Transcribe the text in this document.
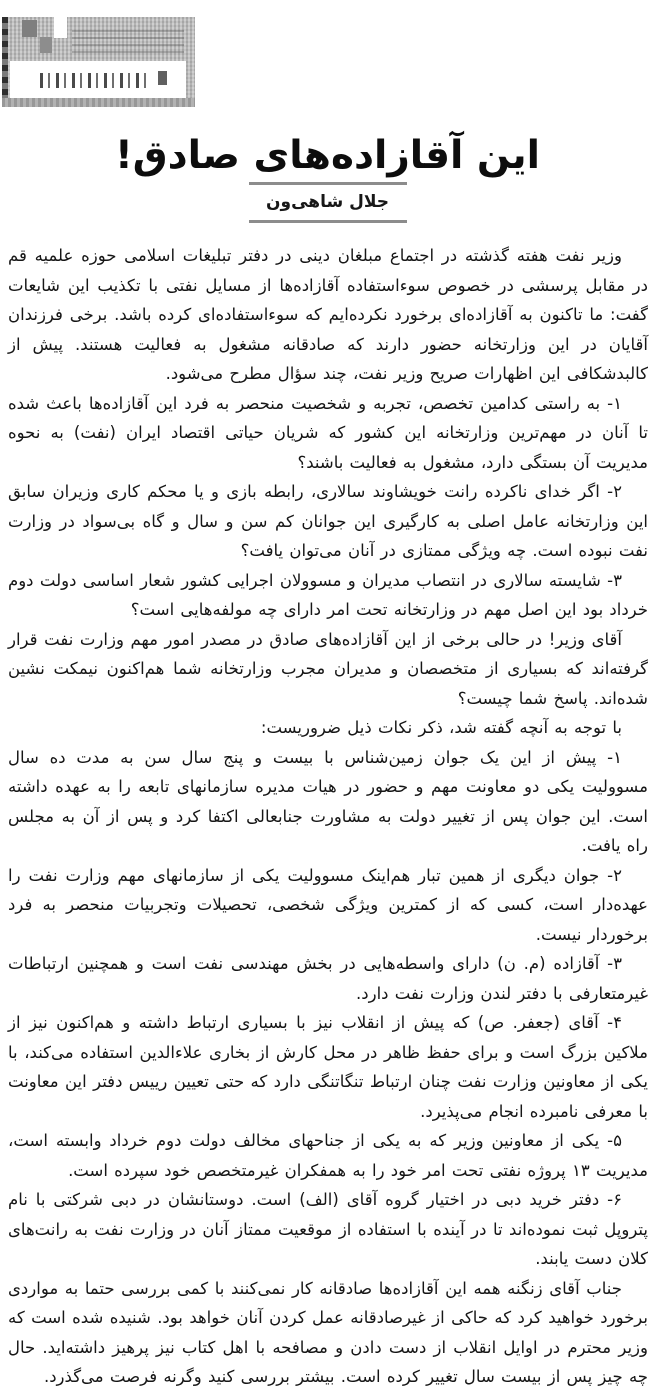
این آقازاده‌های صادق!
جلال شاهی‌ون

وزیر نفت هفته گذشته در اجتماع مبلغان دینی در دفتر تبلیغات اسلامی حوزه علمیه قم در مقابل پرسشی در خصوص سوءاستفاده آقازاده‌ها از مسایل نفتی با تکذیب این شایعات گفت: ما تاکنون به آقازاده‌ای برخورد نکرده‌ایم که سوءاستفاده‌ای کرده باشد. برخی فرزندان آقایان در این وزارتخانه حضور دارند که صادقانه مشغول به فعالیت هستند. پیش از کالبدشکافی این اظهارات صریح وزیر نفت، چند سؤال مطرح می‌شود.

۱- به راستی کدامین تخصص، تجربه و شخصیت منحصر به فرد این آقازاده‌ها باعث شده تا آنان در مهم‌ترین وزارتخانه این کشور که شریان حیاتی اقتصاد ایران (نفت) به نحوه مدیریت آن بستگی دارد، مشغول به فعالیت باشند؟

۲- اگر خدای ناکرده رانت خویشاوند سالاری، رابطه بازی و یا محکم کاری وزیران سابق این وزارتخانه عامل اصلی به کارگیری این جوانان کم سن و سال و گاه بی‌سواد در وزارت نفت نبوده است. چه ویژگی ممتازی در آنان می‌توان یافت؟

۳- شایسته سالاری در انتصاب مدیران و مسوولان اجرایی کشور شعار اساسی دولت دوم خرداد بود این اصل مهم در وزارتخانه تحت امر دارای چه مولفه‌هایی است؟

آقای وزیر! در حالی برخی از این آقازاده‌های صادق در مصدر امور مهم وزارت نفت قرار گرفته‌اند که بسیاری از متخصصان و مدیران مجرب وزارتخانه شما هم‌اکنون نیمکت نشین شده‌اند. پاسخ شما چیست؟

با توجه به آنچه گفته شد، ذکر نکات ذیل ضروریست:

۱- پیش از این یک جوان زمین‌شناس با بیست و پنج سال سن به مدت ده سال مسوولیت یکی دو معاونت مهم و حضور در هیات مدیره سازمانهای تابعه را به عهده داشته است. این جوان پس از تغییر دولت به مشاورت جنابعالی اکتفا کرد و پس از آن به مجلس راه یافت.

۲- جوان دیگری از همین تبار هم‌اینک مسوولیت یکی از سازمانهای مهم وزارت نفت را عهده‌دار است، کسی که از کمترین ویژگی شخصی، تحصیلات وتجربیات منحصر به فرد برخوردار نیست.

۳- آقازاده (م. ن) دارای واسطه‌هایی در بخش مهندسی نفت است و همچنین ارتباطات غیرمتعارفی با دفتر لندن وزارت نفت دارد.

۴- آقای (جعفر. ص) که پیش از انقلاب نیز با بسیاری ارتباط داشته و هم‌اکنون نیز از ملاکین بزرگ است و برای حفظ ظاهر در محل کارش از بخاری علاءالدین استفاده می‌کند، با یکی از معاونین وزارت نفت چنان ارتباط تنگاتنگی دارد که حتی تعیین رییس دفتر این معاونت با معرفی نامبرده انجام می‌پذیرد.

۵- یکی از معاونین وزیر که به یکی از جناحهای مخالف دولت دوم خرداد وابسته است، مدیریت ۱۳ پروژه نفتی تحت امر خود را به همفکران غیرمتخصص خود سپرده است.

۶- دفتر خرید دبی در اختیار گروه آقای (الف) است. دوستانشان در دبی شرکتی با نام پتروپل ثبت نموده‌اند تا در آینده با استفاده از موقعیت ممتاز آنان در وزارت نفت به رانت‌های کلان دست یابند.

جناب آقای زنگنه همه این آقازاده‌ها صادقانه کار نمی‌کنند با کمی بررسی حتما به مواردی برخورد خواهید کرد که حاکی از غیرصادقانه عمل کردن آنان خواهد بود. شنیده شده است که وزیر محترم در اوایل انقلاب از دست دادن و مصافحه با اهل کتاب نیز پرهیز داشته‌اید. حال چه چیز پس از بیست سال تغییر کرده است. بیشتر بررسی کنید وگرنه فرصت می‌گذرد.
